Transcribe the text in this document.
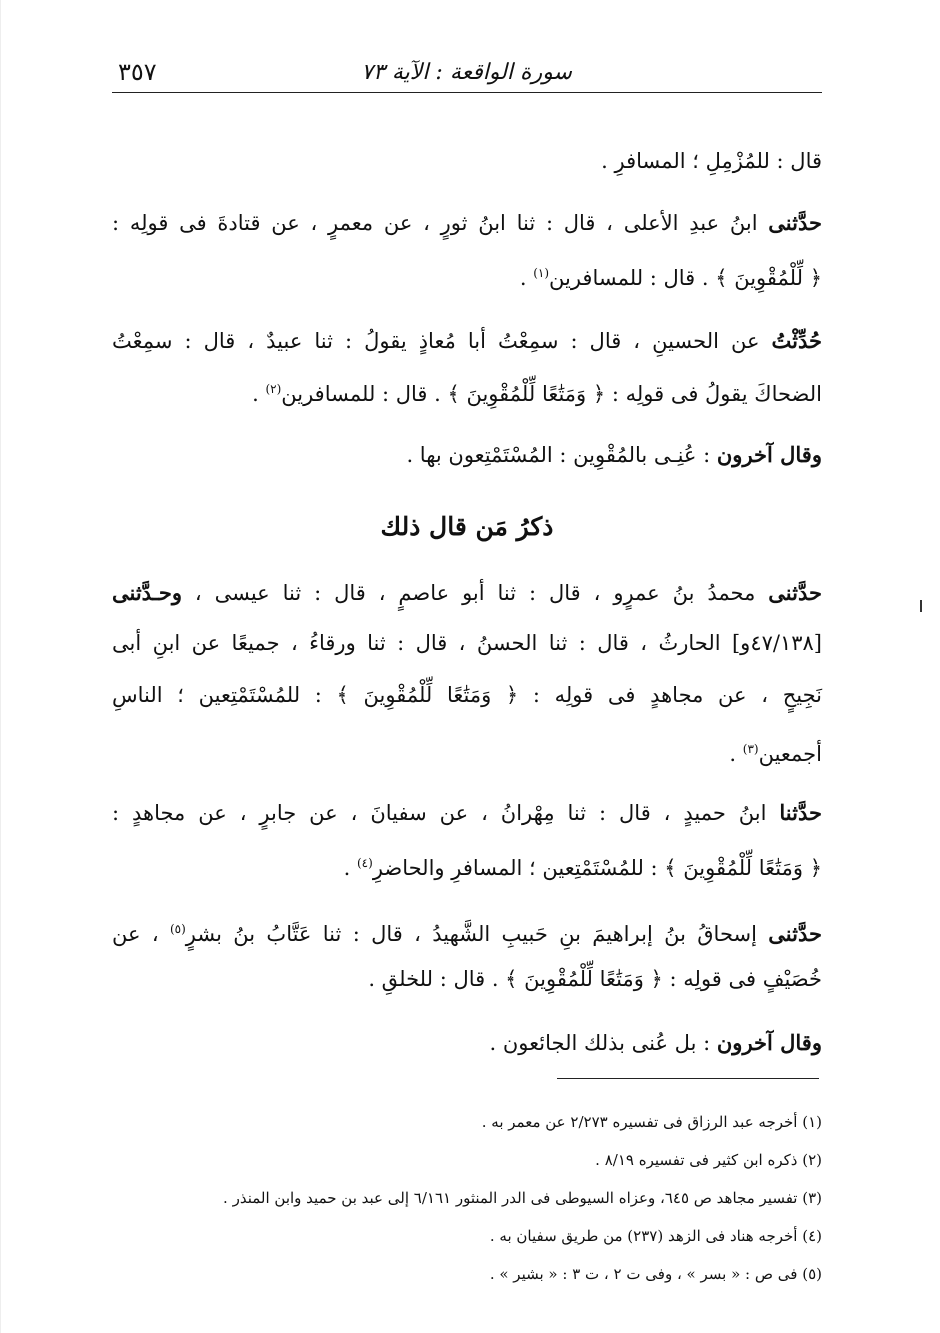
٣٥٧	سورة الواقعة : الآية ٧٣
قال : للمُزْمِلِ ؛ المسافرِ .
حدَّثنى ابنُ عبدِ الأعلى ، قال : ثنا ابنُ ثورٍ ، عن معمرٍ ، عن قتادةَ فى قولِه :
﴿ لِّلْمُقْوِينَ ﴾ . قال : للمسافرين$^{(١)}$ .
حُدِّثْتُ عن الحسينِ ، قال : سمِعْتُ أبا مُعاذٍ يقولُ : ثنا عبيدٌ ، قال : سمِعْتُ
الضحاكَ يقولُ فى قولِه : ﴿ وَمَتَٰعًا لِّلْمُقْوِينَ ﴾ . قال : للمسافرين$^{(٢)}$ .
وقال آخرون : عُنِـى بالمُقْوِين : المُسْتَمْتِعون بها .
ذكرُ مَن قال ذلك
حدَّثنى محمدُ بنُ عمرٍو ، قال : ثنا أبو عاصمٍ ، قال : ثنا عيسى ، وحـدَّثنى
[٤٧/١٣٨و] الحارثُ ، قال : ثنا الحسنُ ، قال : ثنا ورقاءُ ، جميعًا عن ابنِ أبى
نَجِيحٍ ، عن مجاهدٍ فى قولِه : ﴿ وَمَتَٰعًا لِّلْمُقْوِينَ ﴾ : للمُسْتَمْتِعين ؛ الناسِ
أجمعين$^{(٣)}$ .
حدَّثنا ابنُ حميدٍ ، قال : ثنا مِهْرانُ ، عن سفيانَ ، عن جابرٍ ، عن مجاهدٍ :
﴿ وَمَتَٰعًا لِّلْمُقْوِينَ ﴾ : للمُسْتَمْتِعين ؛ المسافرِ والحاضرِ$^{(٤)}$ .
حدَّثنى إسحاقُ بنُ إبراهيمَ بنِ حَبيبِ الشَّهيدُ ، قال : ثنا عَتَّابُ بنُ بشرٍ$^{(٥)}$ ، عن
خُصَيْفٍ فى قولِه : ﴿ وَمَتَٰعًا لِّلْمُقْوِينَ ﴾ . قال : للخلقِ .
وقال آخرون : بل عُنى بذلك الجائعون .
(١) أخرجه عبد الرزاق فى تفسيره ٢/٢٧٣ عن معمر به .
(٢) ذكره ابن كثير فى تفسيره ٨/١٩ .
(٣) تفسير مجاهد ص ٦٤٥، وعزاه السيوطى فى الدر المنثور ٦/١٦١ إلى عبد بن حميد وابن المنذر .
(٤) أخرجه هناد فى الزهد (٢٣٧) من طريق سفيان به .
(٥) فى ص : « بسر » ، وفى ت ٢ ، ت ٣ : « بشير » .
